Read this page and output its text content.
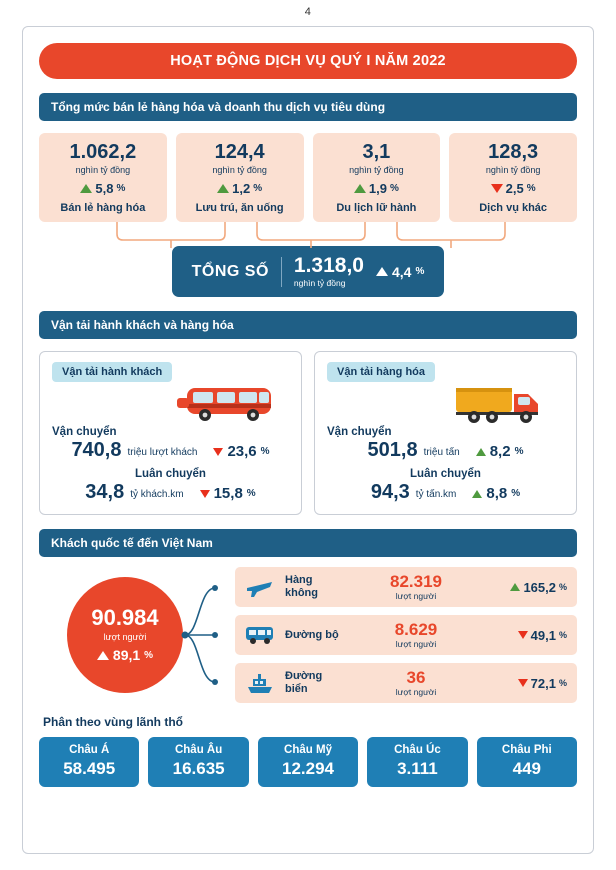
4
HOẠT ĐỘNG DỊCH VỤ QUÝ I NĂM 2022
Tổng mức bán lẻ hàng hóa và doanh thu dịch vụ tiêu dùng
1.062,2
nghìn tỷ đồng
5,8 %
Bán lẻ hàng hóa
124,4
nghìn tỷ đồng
1,2 %
Lưu trú, ăn uống
3,1
nghìn tỷ đồng
1,9 %
Du lịch lữ hành
128,3
nghìn tỷ đồng
2,5 %
Dịch vụ khác
TỔNG SỐ 1.318,0
nghìn tỷ đồng
4,4 %
Vận tải hành khách và hàng hóa
Vận tải hành khách
Vận chuyển
740,8 triệu lượt khách 23,6 %
Luân chuyển
34,8 tỷ khách.km 15,8 %
Vận tải hàng hóa
Vận chuyển
501,8 triệu tấn 8,2 %
Luân chuyển
94,3 tỷ tấn.km 8,8 %
Khách quốc tế đến Việt Nam
90.984
lượt người
89,1 %
Hàng không
82.319
lượt người
165,2 %
Đường bộ	8.629
lượt người
49,1 %
Đường biển
36
lượt người
72,1 %
Phân theo vùng lãnh thổ
Châu Á
58.495
Châu Âu
16.635
Châu Mỹ
12.294
Châu Úc
3.111
Châu Phi
449
